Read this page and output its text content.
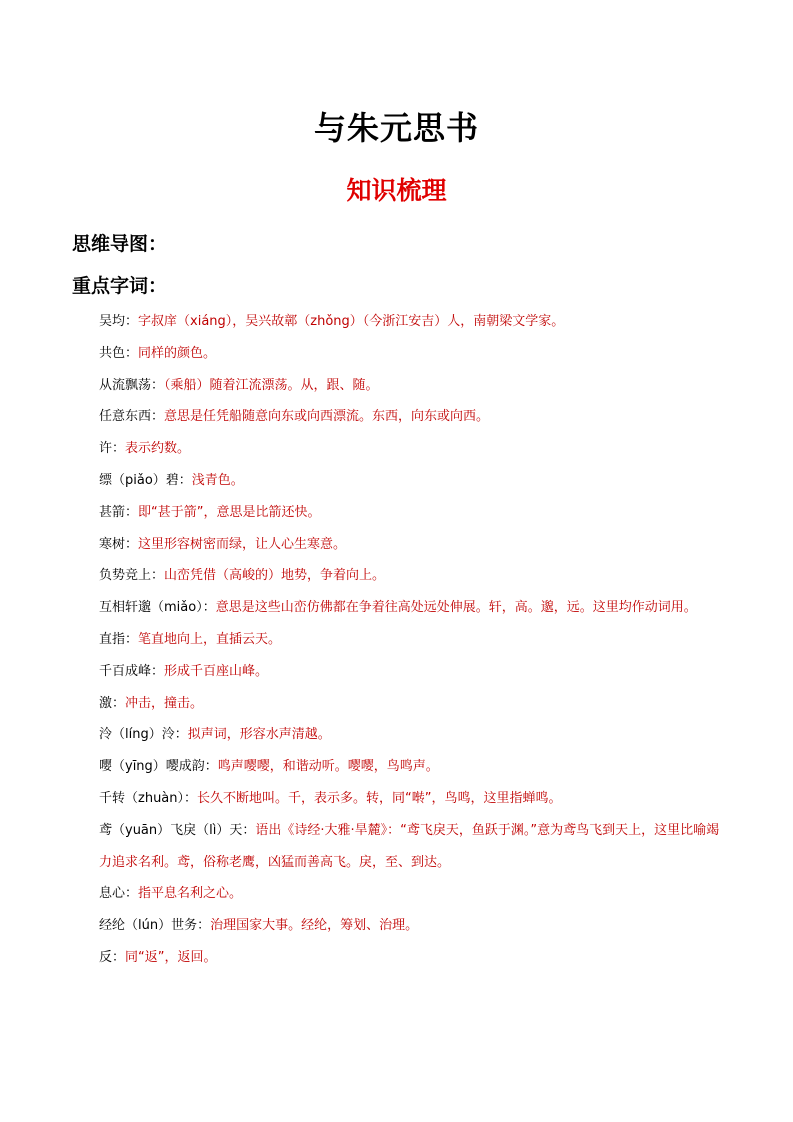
与朱元思书
知识梳理
思维导图：
重点字词：
吴均：字叔庠（xiáng），吴兴故鄣（zhǒng）（今浙江安吉）人，南朝梁文学家。
共色：同样的颜色。
从流飘荡：（乘船）随着江流漂荡。从，跟、随。
任意东西：意思是任凭船随意向东或向西漂流。东西，向东或向西。
许：表示约数。
缥（piǎo）碧：浅青色。
甚箭：即“甚于箭”，意思是比箭还快。
寒树：这里形容树密而绿，让人心生寒意。
负势竞上：山峦凭借（高峻的）地势，争着向上。
互相轩邈（miǎo）：意思是这些山峦仿佛都在争着往高处远处伸展。轩，高。邈，远。这里均作动词用。
直指：笔直地向上，直插云天。
千百成峰：形成千百座山峰。
激：冲击，撞击。
泠（líng）泠：拟声词，形容水声清越。
嘤（yīng）嘤成韵：鸣声嘤嘤，和谐动听。嘤嘤，鸟鸣声。
千转（zhuàn）：长久不断地叫。千，表示多。转，同“啭”，鸟鸣，这里指蝉鸣。
鸢（yuān）飞戾（lì）天：语出《诗经·大雅·旱麓》：“鸢飞戾天，鱼跃于渊。”意为鸢鸟飞到天上，这里比喻竭力追求名利。鸢，俗称老鹰，凶猛而善高飞。戾，至、到达。
息心：指平息名利之心。
经纶（lún）世务：治理国家大事。经纶，筹划、治理。
反：同“返”，返回。
